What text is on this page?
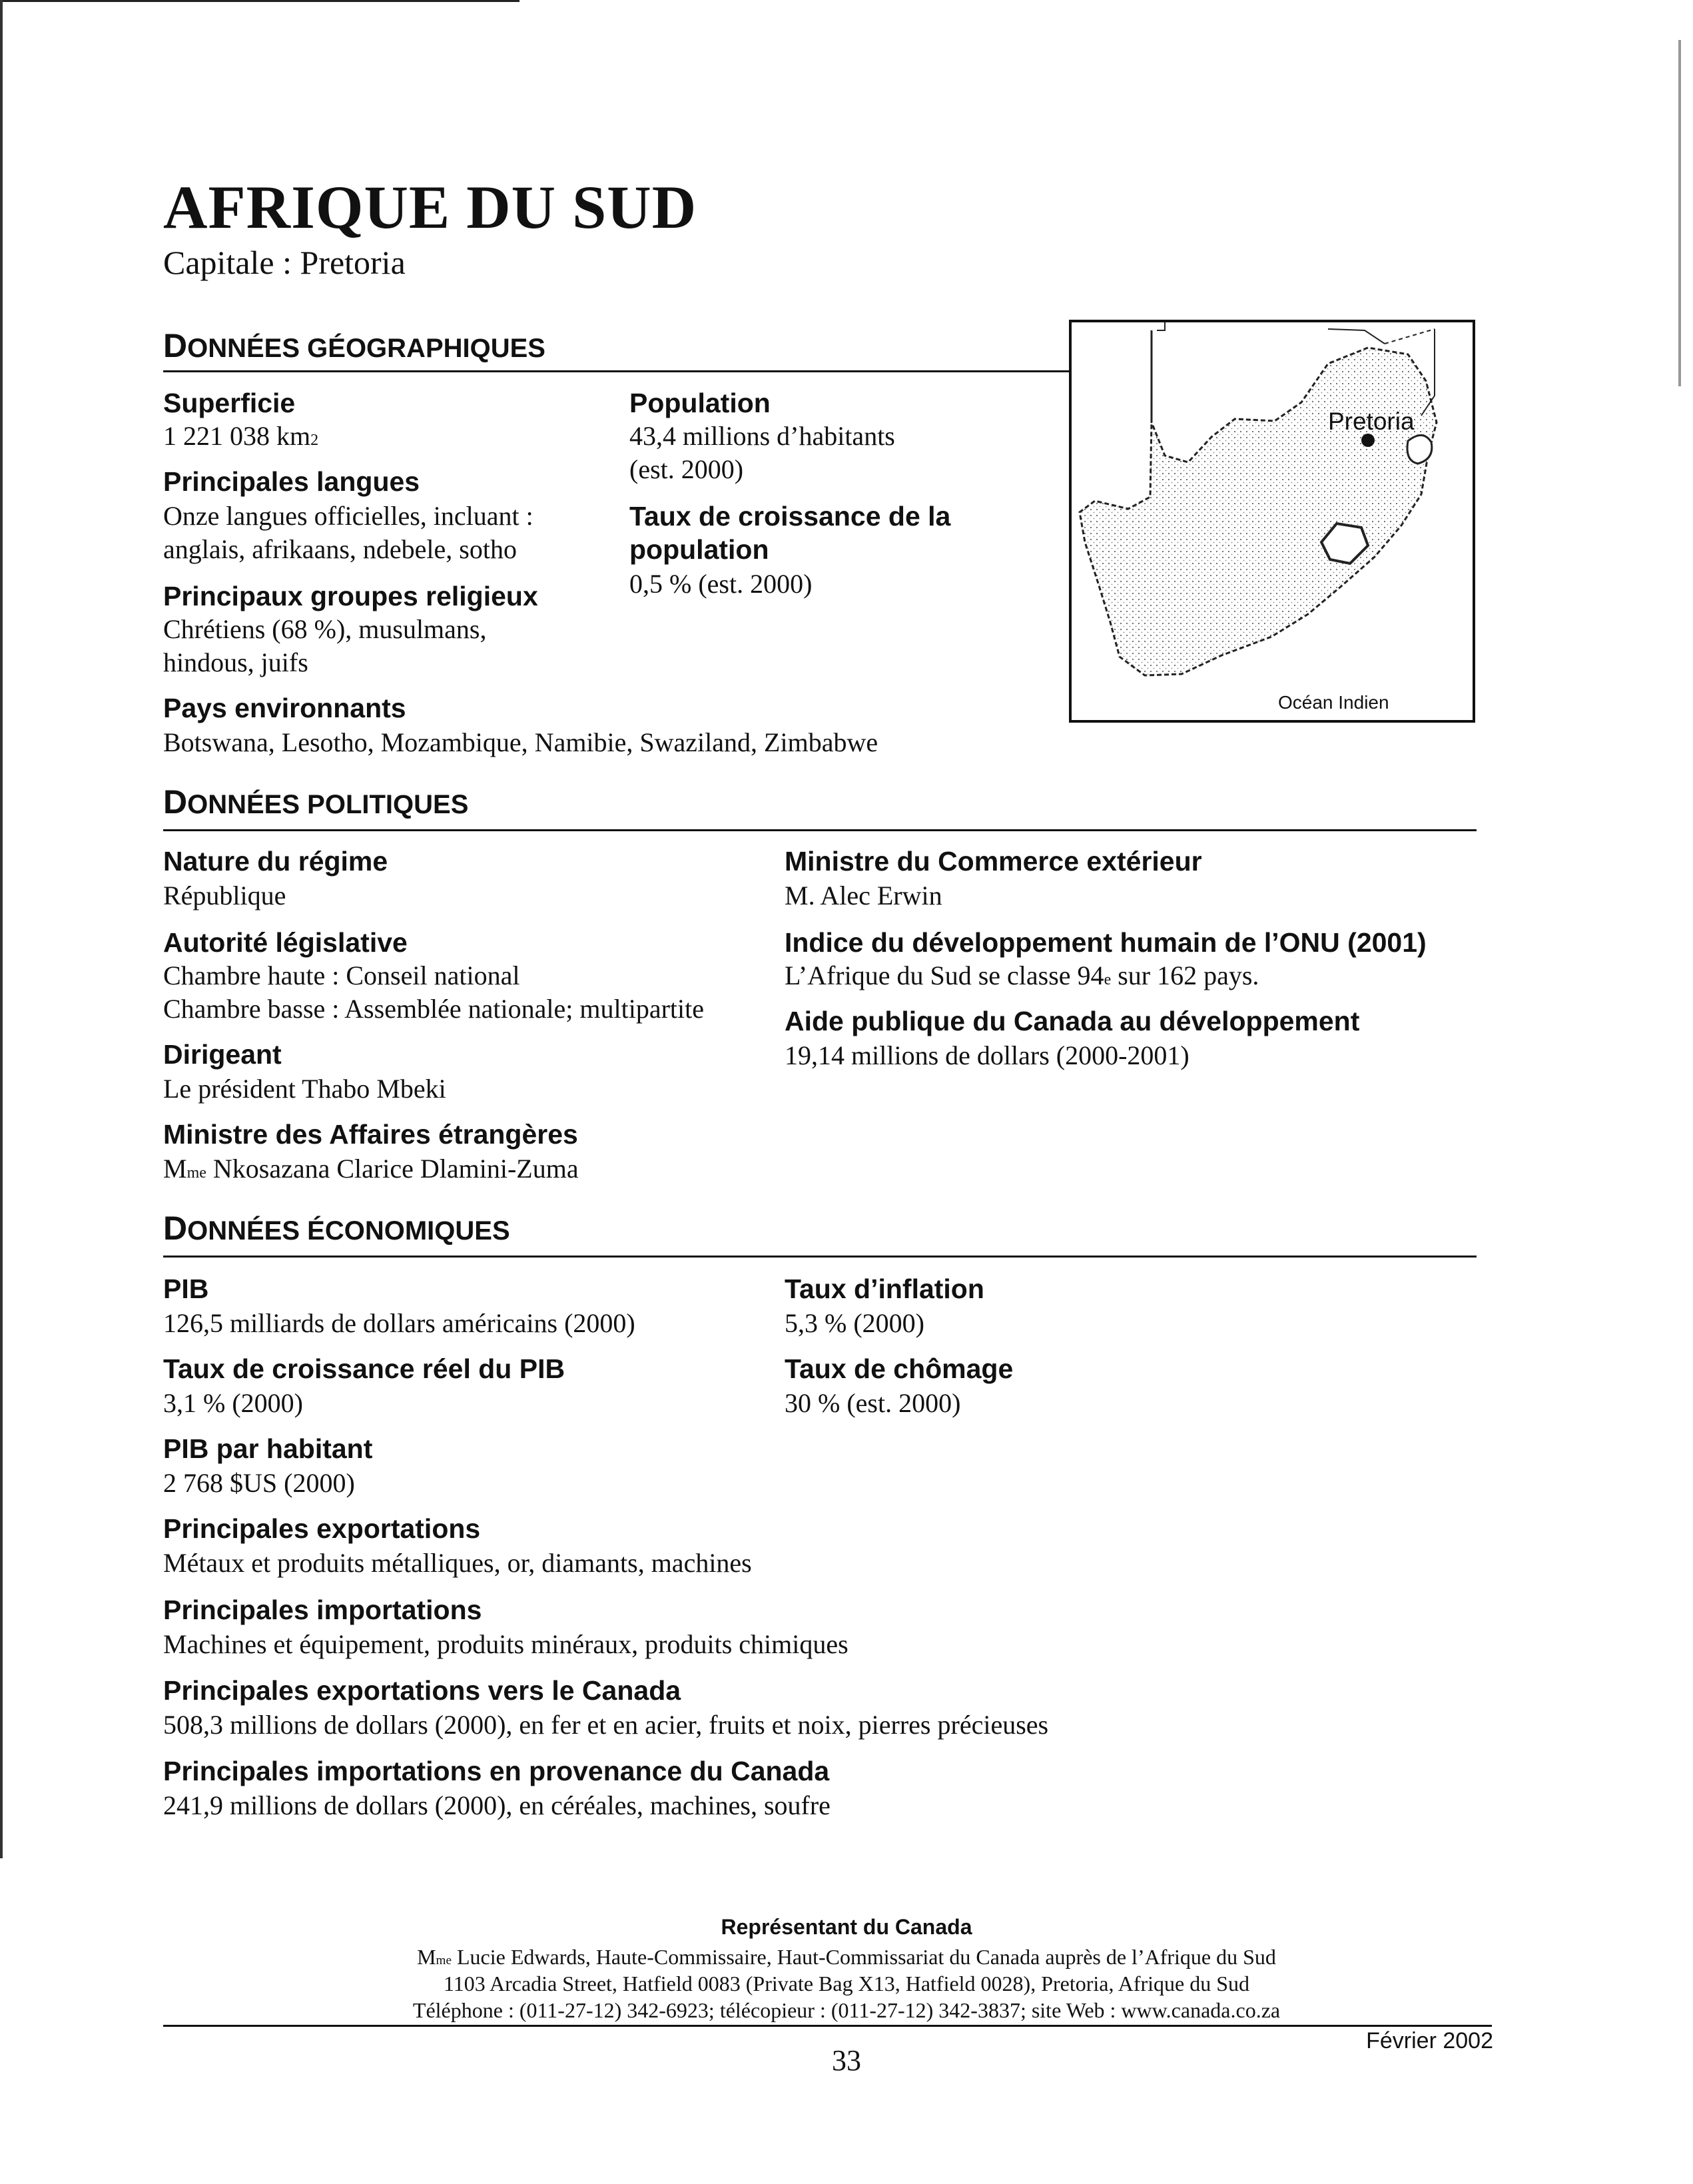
AFRIQUE DU SUD
Capitale : Pretoria
DONNÉES GÉOGRAPHIQUES
Superficie
1 221 038 $km^2$
Principales langues
Onze langues officielles, incluant :
anglais, afrikaans, ndebele, sotho
Principaux groupes religieux
Chrétiens (68 %), musulmans,
hindous, juifs
Population
43,4 millions d’habitants
(est. 2000)
Taux de croissance de la
population
0,5 % (est. 2000)
Pays environnants
Botswana, Lesotho, Mozambique, Namibie, Swaziland, Zimbabwe
Pretoria
Océan Indien
DONNÉES POLITIQUES
Nature du régime
République
Autorité législative
Chambre haute : Conseil national
Chambre basse : Assemblée nationale; multipartite
Dirigeant
Le président Thabo Mbeki
Ministre des Affaires étrangères
$M^{me}$ Nkosazana Clarice Dlamini-Zuma
Ministre du Commerce extérieur
M. Alec Erwin
Indice du développement humain de l’ONU (2001)
L’Afrique du Sud se classe 94e sur 162 pays.
Aide publique du Canada au développement
19,14 millions de dollars (2000-2001)
DONNÉES ÉCONOMIQUES
PIB
126,5 milliards de dollars américains (2000)
Taux de croissance réel du PIB
3,1 % (2000)
PIB par habitant
2 768 $US (2000)
Principales exportations
Métaux et produits métalliques, or, diamants, machines
Principales importations
Machines et équipement, produits minéraux, produits chimiques
Principales exportations vers le Canada
508,3 millions de dollars (2000), en fer et en acier, fruits et noix, pierres précieuses
Principales importations en provenance du Canada
241,9 millions de dollars (2000), en céréales, machines, soufre
Taux d’inflation
5,3 % (2000)
Taux de chômage
30 % (est. 2000)
Représentant du Canada
$M^{me}$ Lucie Edwards, Haute-Commissaire, Haut-Commissariat du Canada auprès de l’Afrique du Sud
1103 Arcadia Street, Hatfield 0083 (Private Bag X13, Hatfield 0028), Pretoria, Afrique du Sud
Téléphone : (011-27-12) 342-6923; télécopieur : (011-27-12) 342-3837; site Web : www.canada.co.za
Février 2002
33
